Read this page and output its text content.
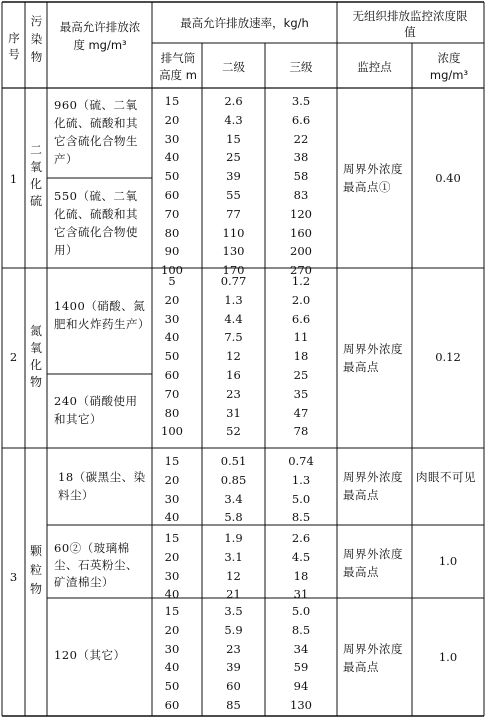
序号
污染物
最高允许排放浓度 mg/m³
最高允许排放速率，kg/h
排气筒高度 m
二级	三级
无组织排放监控浓度限值
监控点
浓度 mg/m³
1
二氧化硫
960（硫、二氧化硫、硫酸和其它含硫化合物生产）
550（硫、二氧化硫、硫酸和其它含硫化合物使用）
15
20
30
40
50
60
70
80
90
100
2.6
4.3
15
25
39
55
77
110
130
170
3.5
6.6
22
38
58
83
120
160
200
270
周界外浓度最高点①
0.40
2
氮氧化物
1400（硝酸、氮肥和火炸药生产）
240（硝酸使用和其它）
5
20
30
40
50
60
70
80
100
0.77
1.3
4.4
7.5
12
16
23
31
52
1.2
2.0
6.6
11
18
25
35
47
78
周界外浓度最高点
0.12
3
颗粒物
18（碳黑尘、染料尘）
60②（玻璃棉尘、石英粉尘、矿渣棉尘）
120（其它）
15
20
30
40
0.51
0.85
3.4
5.8
0.74
1.3
5.0
8.5
周界外浓度最高点
肉眼不可见
15
20
30
40
1.9
3.1
12
21
2.6
4.5
18
31
周界外浓度最高点
1.0
15
20
30
40
50
60
3.5
5.9
23
39
60
85
5.0
8.5
34
59
94
130
周界外浓度最高点
1.0
